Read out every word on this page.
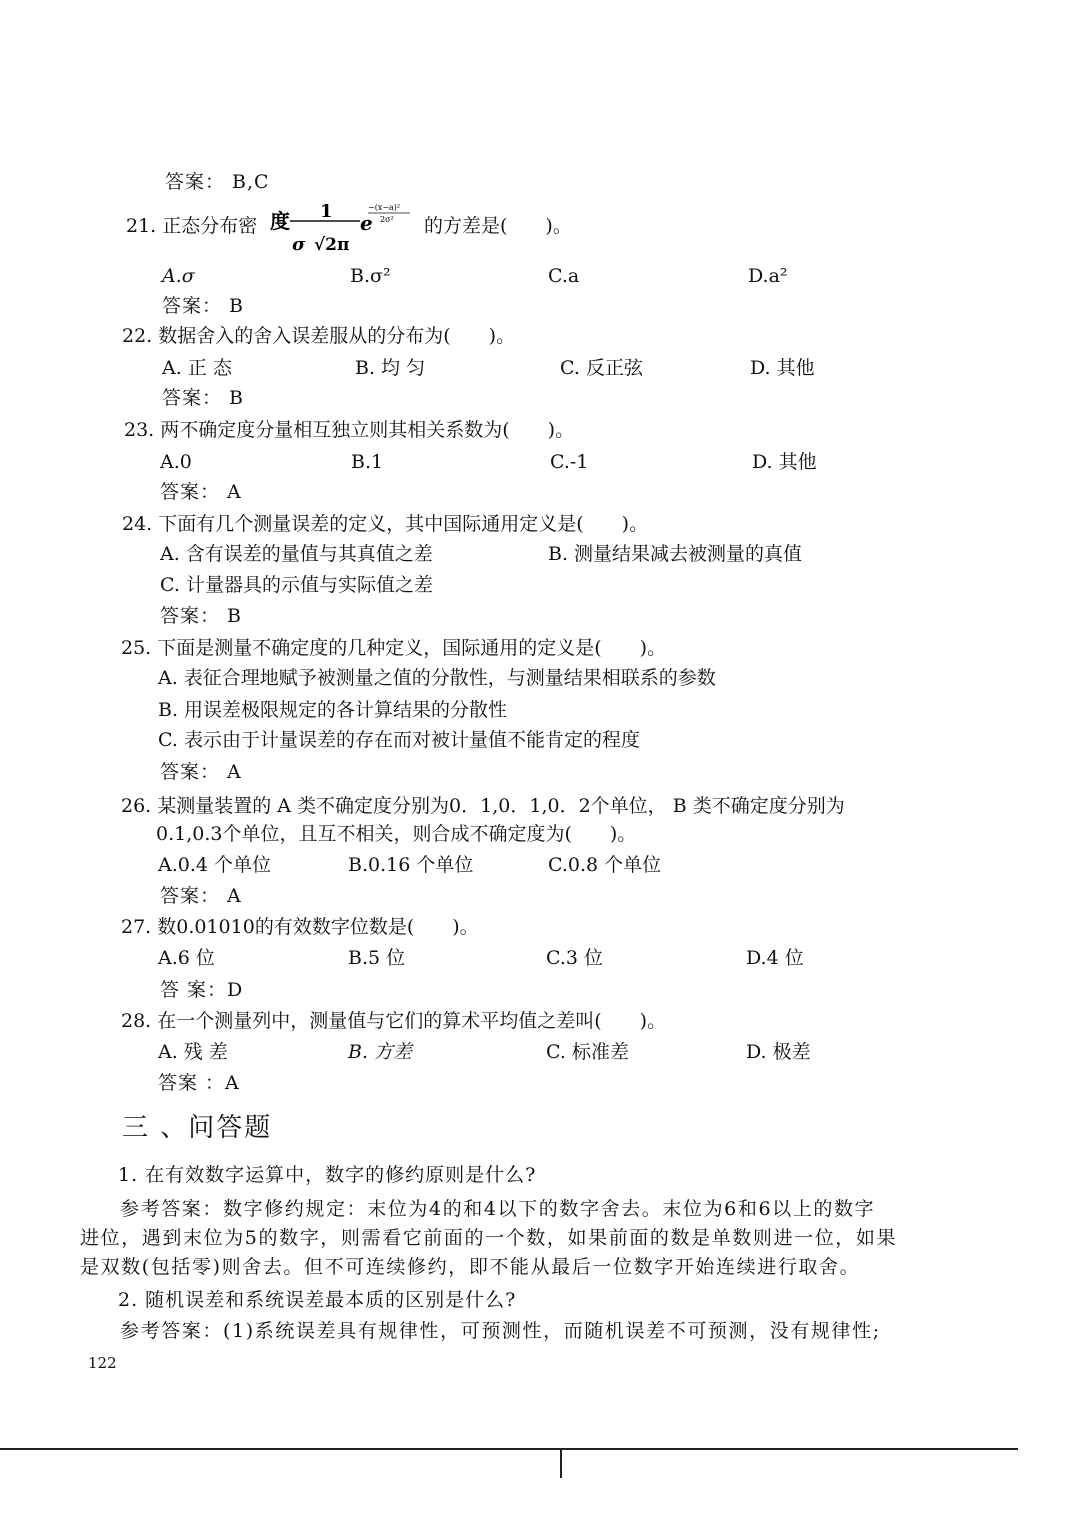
答案： B,C
21. 正态分布密 度 1
σ √2π
e
−(x−a)²
2σ² 的方差是(　　)。
A.σ	B.σ²	C.a	D.a²
答案： B
22. 数据舍入的舍入误差服从的分布为(　　)。
A. 正 态	B. 均 匀	C. 反正弦	D. 其他
答案： B
23. 两不确定度分量相互独立则其相关系数为(　　)。
A.0	B.1	C.-1	D. 其他
答案： A
24. 下面有几个测量误差的定义，其中国际通用定义是(　　)。
A. 含有误差的量值与其真值之差	B. 测量结果减去被测量的真值
C. 计量器具的示值与实际值之差
答案： B
25. 下面是测量不确定度的几种定义，国际通用的定义是(　　)。
A. 表征合理地赋予被测量之值的分散性，与测量结果相联系的参数
B. 用误差极限规定的各计算结果的分散性
C. 表示由于计量误差的存在而对被计量值不能肯定的程度
答案： A
26. 某测量装置的 A 类不确定度分别为0．1,0．1,0．2个单位， B 类不确定度分别为
0.1,0.3个单位，且互不相关，则合成不确定度为(　　)。
A.0.4 个单位	B.0.16 个单位	C.0.8 个单位
答案： A
27. 数0.01010的有效数字位数是(　　)。
A.6 位	B.5 位	C.3 位	D.4 位
答 案：D
28. 在一个测量列中，测量值与它们的算术平均值之差叫(　　)。
A. 残 差	B. 方差	C. 标准差	D. 极差
答案 ：A
三 、问答题
1. 在有效数字运算中，数字的修约原则是什么?
参考答案：数字修约规定：末位为4的和4以下的数字舍去。末位为6和6以上的数字
进位，遇到末位为5的数字，则需看它前面的一个数，如果前面的数是单数则进一位，如果
是双数(包括零)则舍去。但不可连续修约，即不能从最后一位数字开始连续进行取舍。
2. 随机误差和系统误差最本质的区别是什么?
参考答案：(1)系统误差具有规律性，可预测性，而随机误差不可预测，没有规律性;
122
